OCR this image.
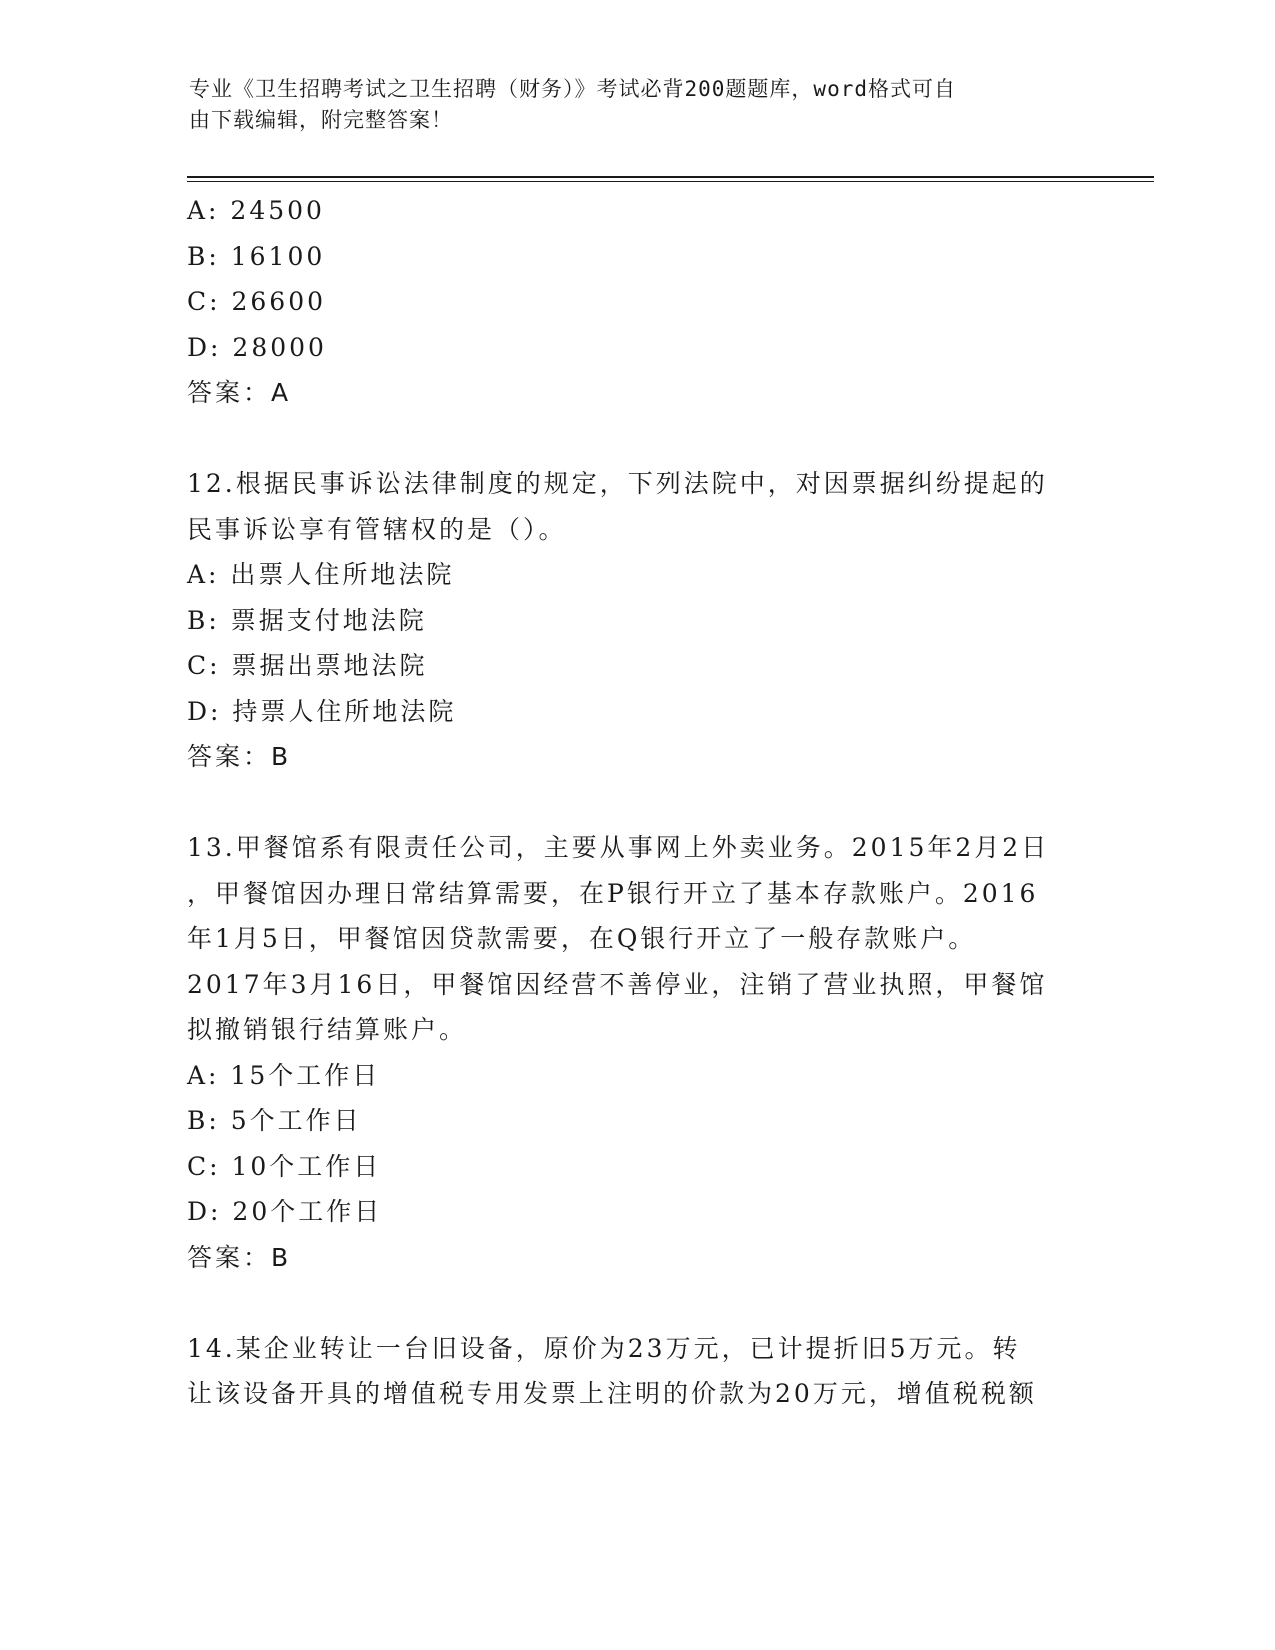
专业《卫生招聘考试之卫生招聘（财务）》考试必背200题题库，word格式可自
由下载编辑，附完整答案！
A: 24500
B: 16100
C: 26600
D: 28000
答案：A
12.根据民事诉讼法律制度的规定，下列法院中，对因票据纠纷提起的
民事诉讼享有管辖权的是（）。
A: 出票人住所地法院
B: 票据支付地法院
C: 票据出票地法院
D: 持票人住所地法院
答案：B
13.甲餐馆系有限责任公司，主要从事网上外卖业务。2015年2月2日
，甲餐馆因办理日常结算需要，在P银行开立了基本存款账户。2016
年1月5日，甲餐馆因贷款需要，在Q银行开立了一般存款账户。
2017年3月16日，甲餐馆因经营不善停业，注销了营业执照，甲餐馆
拟撤销银行结算账户。
A: 15个工作日
B: 5个工作日
C: 10个工作日
D: 20个工作日
答案：B
14.某企业转让一台旧设备，原价为23万元，已计提折旧5万元。转
让该设备开具的增值税专用发票上注明的价款为20万元，增值税税额
